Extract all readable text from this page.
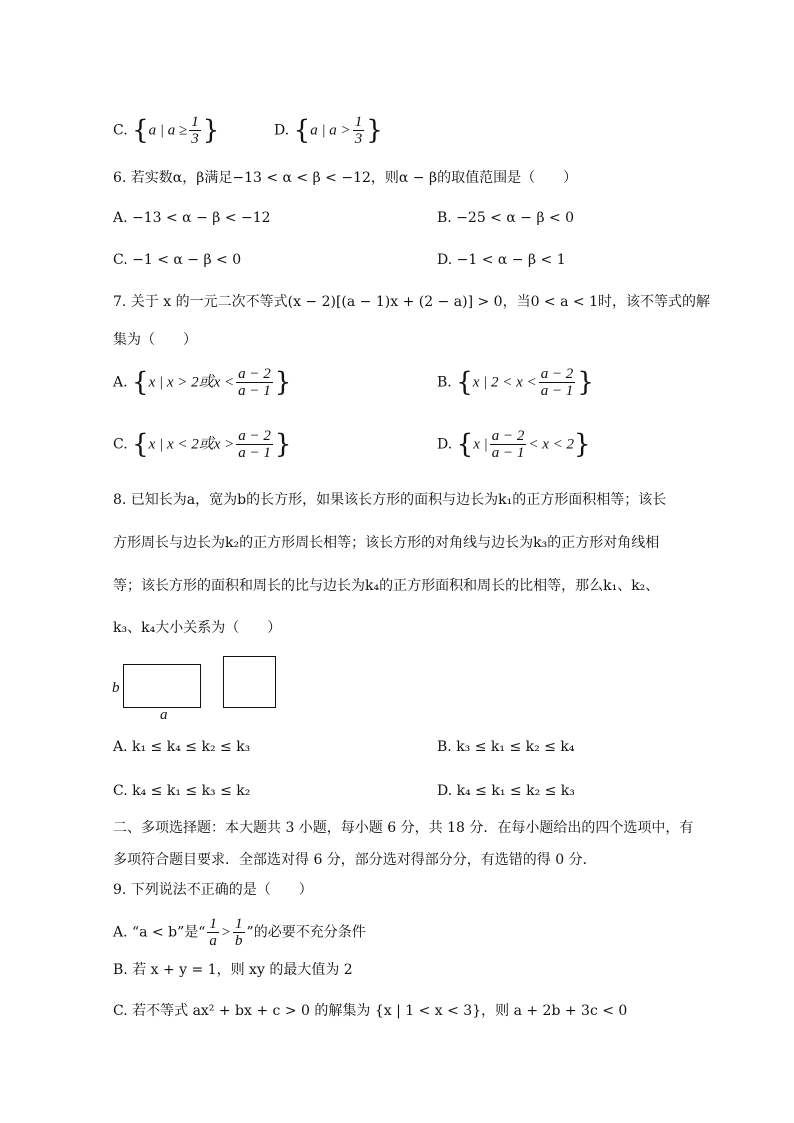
C. {a | $a \ge \frac{1}{3}$ }	D. {a | $a > \frac{1}{3}$ }
6. 若实数α，β满足−13 < α < β < −12，则α − β的取值范围是（　　）
A. −13 < α − β < −12	B. −25 < α − β < 0
C. −1 < α − β < 0	D. −1 < α − β < 1
7. 关于 x 的一元二次不等式(x − 2)[(a − 1)x + (2 − a)] > 0，当0 < a < 1时，该不等式的解
集为（　　）
A. {x | x > 2或$x < \frac{a - 2}{a - 1}$ }	B. {x | $2 < x < \frac{a - 2}{a - 1}$ }
C. {x | x < 2或$x > \frac{a - 2}{a - 1}$ }	D. {x | $\frac{a - 2}{a - 1} < x < 2$}
8. 已知长为a，宽为b的长方形，如果该长方形的面积与边长为k₁的正方形面积相等；该长
方形周长与边长为k₂的正方形周长相等；该长方形的对角线与边长为k₃的正方形对角线相
等；该长方形的面积和周长的比与边长为k₄的正方形面积和周长的比相等，那么k₁、k₂、
k₃、k₄大小关系为（　　）
b
a
A. k₁ ≤ k₄ ≤ k₂ ≤ k₃	B. k₃ ≤ k₁ ≤ k₂ ≤ k₄
C. k₄ ≤ k₁ ≤ k₃ ≤ k₂	D. k₄ ≤ k₁ ≤ k₂ ≤ k₃
二、多项选择题：本大题共 3 小题，每小题 6 分，共 18 分．在每小题给出的四个选项中，有
多项符合题目要求．全部选对得 6 分，部分选对得部分分，有选错的得 0 分．
9. 下列说法不正确的是（　　）
A. “a < b”是“ $\frac{1}{a} > \frac{1}{b}$ ”的必要不充分条件
B. 若 x + y = 1，则 xy 的最大值为 2
C. 若不等式 ax² + bx + c > 0 的解集为 {x | 1 < x < 3}，则 a + 2b + 3c < 0
